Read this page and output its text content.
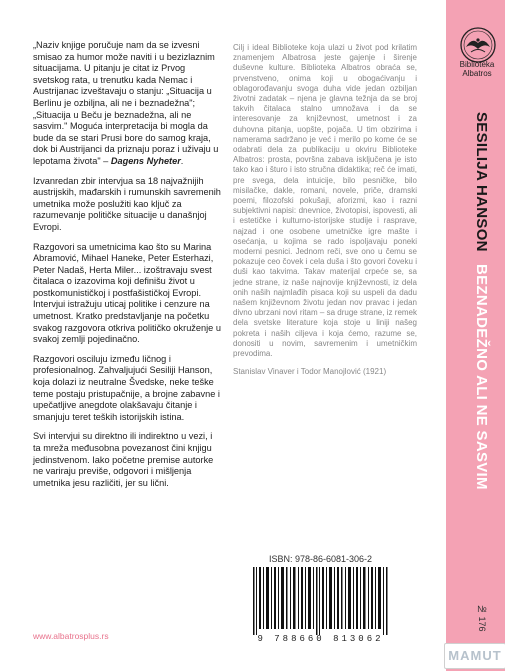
„Naziv knjige poručuje nam da se izvesni smisao za humor može naviti i u bezizlaznim situacijama. U pitanju je citat iz Prvog svetskog rata, u trenutku kada Nemac i Austrijanac izveštavaju o stanju: „Situacija u Berlinu je ozbiljna, ali ne i beznadežna"; „Situacija u Beču je beznadežna, ali ne sasvim." Moguća interpretacija bi mogla da bude da se stari Prusi bore do samog kraja, dok bi Austrijanci da priznaju poraz i uživaju u lepotama života" – Dagens Nyheter.

Izvanredan zbir intervjua sa 18 najvažnijih austrijskih, mađarskih i rumunskih savremenih umetnika može poslužiti kao ključ za razumevanje političke situacije u današnjoj Evropi.

Razgovori sa umetnicima kao što su Marina Abramović, Mihael Haneke, Peter Esterhazi, Peter Nadaš, Herta Miler... izoštravaju svest čitalaca o izazovima koji definišu život u postkomunističkoj i postfašističkoj Evropi. Intervjui istražuju uticaj politike i cenzure na umetnost. Kratko predstavljanje na početku svakog razgovora otkriva političko okruženje u svakoj zemlji pojedinačno.

Razgovori osciluju između ličnog i profesionalnog. Zahvaljujući Sesiliji Hanson, koja dolazi iz neutralne Švedske, neke teške teme postaju pristupačnije, a brojne zabavne i upečatljive anegdote olakšavaju čitanje i smanjuju teret teških istorijskih istina.

Svi intervjui su direktno ili indirektno u vezi, i ta mreža međusobna povezanost čini knjigu jedinstvenom. Iako početne premise autorke ne variraju previše, odgovori i mišljenja umetnika jesu različiti, jer su lični.

Cilj i ideal Biblioteke koja ulazi u život pod krilatim znamenjem Albatrosa jeste gajenje i širenje duševne kulture. Biblioteka Albatros obraća se, prvenstveno, onima koji u obogaćivanju i oblagorođavanju svoga duha vide jedan ozbiljan životni zadatak – njena je glavna težnja da se broj takvih čitalaca stalno umnožava i da se interesovanje za književnost, umetnost i za duhovna pitanja, uopšte, pojača. U tim obzirima i namerama sadržano je već i merilo po kome će se odabrati dela za publikaciju u okviru Biblioteke Albatros: prosta, površna zabava isključena je isto tako kao i šturo i isto stručna didaktika; reč će imati, pre svega, dela intuicije, bilo pesničke, bilo misilačke, dakle, romani, novele, priče, dramski poemi, filozofski pokušaji, aforizmi, kao i razni subjektivni napisi: dnevnice, životopisi, ispovesti, ali i estetičke i kulturno-istorijske studije i rasprave, najzad i one osobene umetničke igre mašte i osećanja, u kojima se rado ispoljavaju poneki moderni pesnici. Jednom reči, sve ono u čemu se pokazuje ceo čovek i cela duša i što govori čoveku i duši kao takvima. Takav materijal crpeće se, sa jedne strane, iz naše najnovije književnosti, iz dela onih naših najmlađih pisaca koji su uspeli da dadu našem književnom životu jedan nov pravac i jedan divno ubrzani novi ritam – sa druge strane, iz remek dela svetske literature koja stoje u liniji našeg pokreta i naših ciljeva i koja ćemo, razume se, donositi u novim, savremenim i umetničkim prevodima.

Stanislav Vinaver i Todor Manojlović (1921)

ISBN: 978-86-6081-306-2
9 788660 813062
www.albatrosplus.rs
Biblioteka
Albatros
SESILIJA HANSON BEZNADEŽNO ALI NE SASVIM
№ 176
MAMUT
